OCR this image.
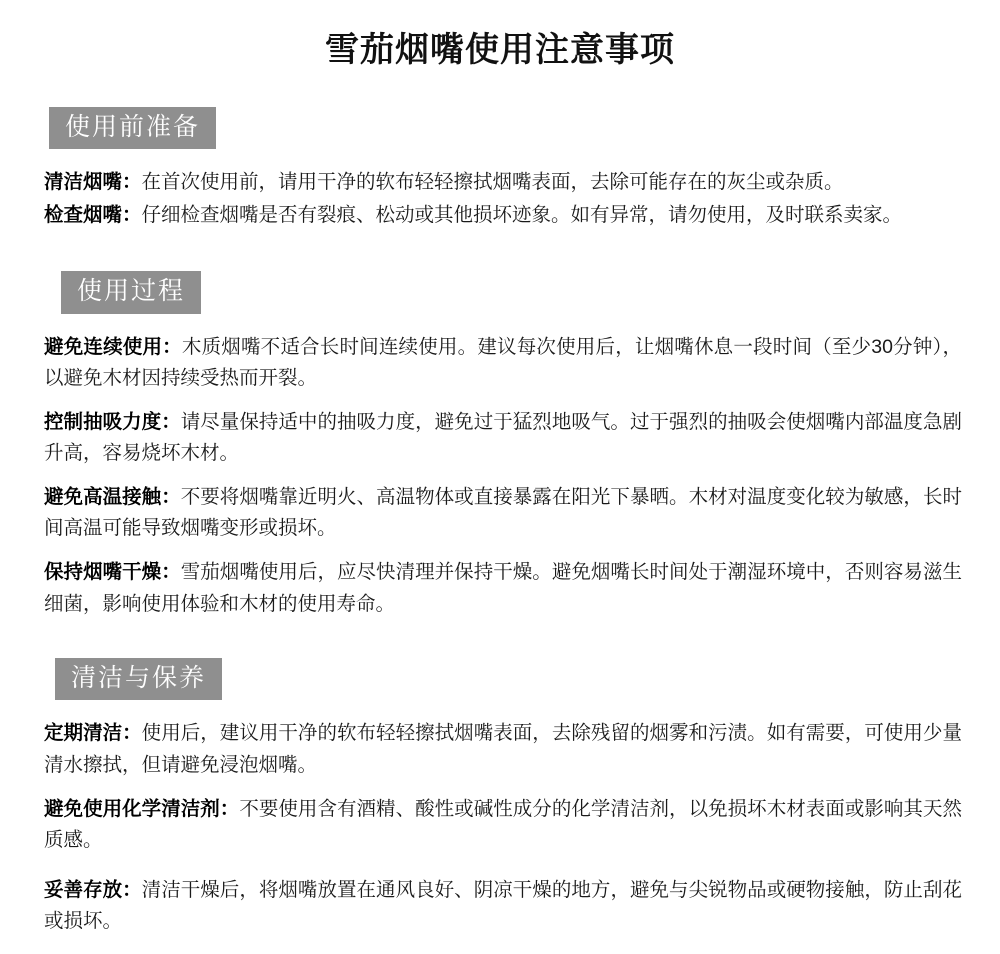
雪茄烟嘴使用注意事项
使用前准备

清洁烟嘴：在首次使用前，请用干净的软布轻轻擦拭烟嘴表面，去除可能存在的灰尘或杂质。

检查烟嘴：仔细检查烟嘴是否有裂痕、松动或其他损坏迹象。如有异常，请勿使用，及时联系卖家。

使用过程

避免连续使用：木质烟嘴不适合长时间连续使用。建议每次使用后，让烟嘴休息一段时间（至少30分钟），以避免木材因持续受热而开裂。

控制抽吸力度：请尽量保持适中的抽吸力度，避免过于猛烈地吸气。过于强烈的抽吸会使烟嘴内部温度急剧升高，容易烧坏木材。

避免高温接触：不要将烟嘴靠近明火、高温物体或直接暴露在阳光下暴晒。木材对温度变化较为敏感，长时间高温可能导致烟嘴变形或损坏。

保持烟嘴干燥：雪茄烟嘴使用后，应尽快清理并保持干燥。避免烟嘴长时间处于潮湿环境中，否则容易滋生细菌，影响使用体验和木材的使用寿命。

清洁与保养

定期清洁：使用后，建议用干净的软布轻轻擦拭烟嘴表面，去除残留的烟雾和污渍。如有需要，可使用少量清水擦拭，但请避免浸泡烟嘴。

避免使用化学清洁剂：不要使用含有酒精、酸性或碱性成分的化学清洁剂，以免损坏木材表面或影响其天然质感。

妥善存放：清洁干燥后，将烟嘴放置在通风良好、阴凉干燥的地方，避免与尖锐物品或硬物接触，防止刮花或损坏。
